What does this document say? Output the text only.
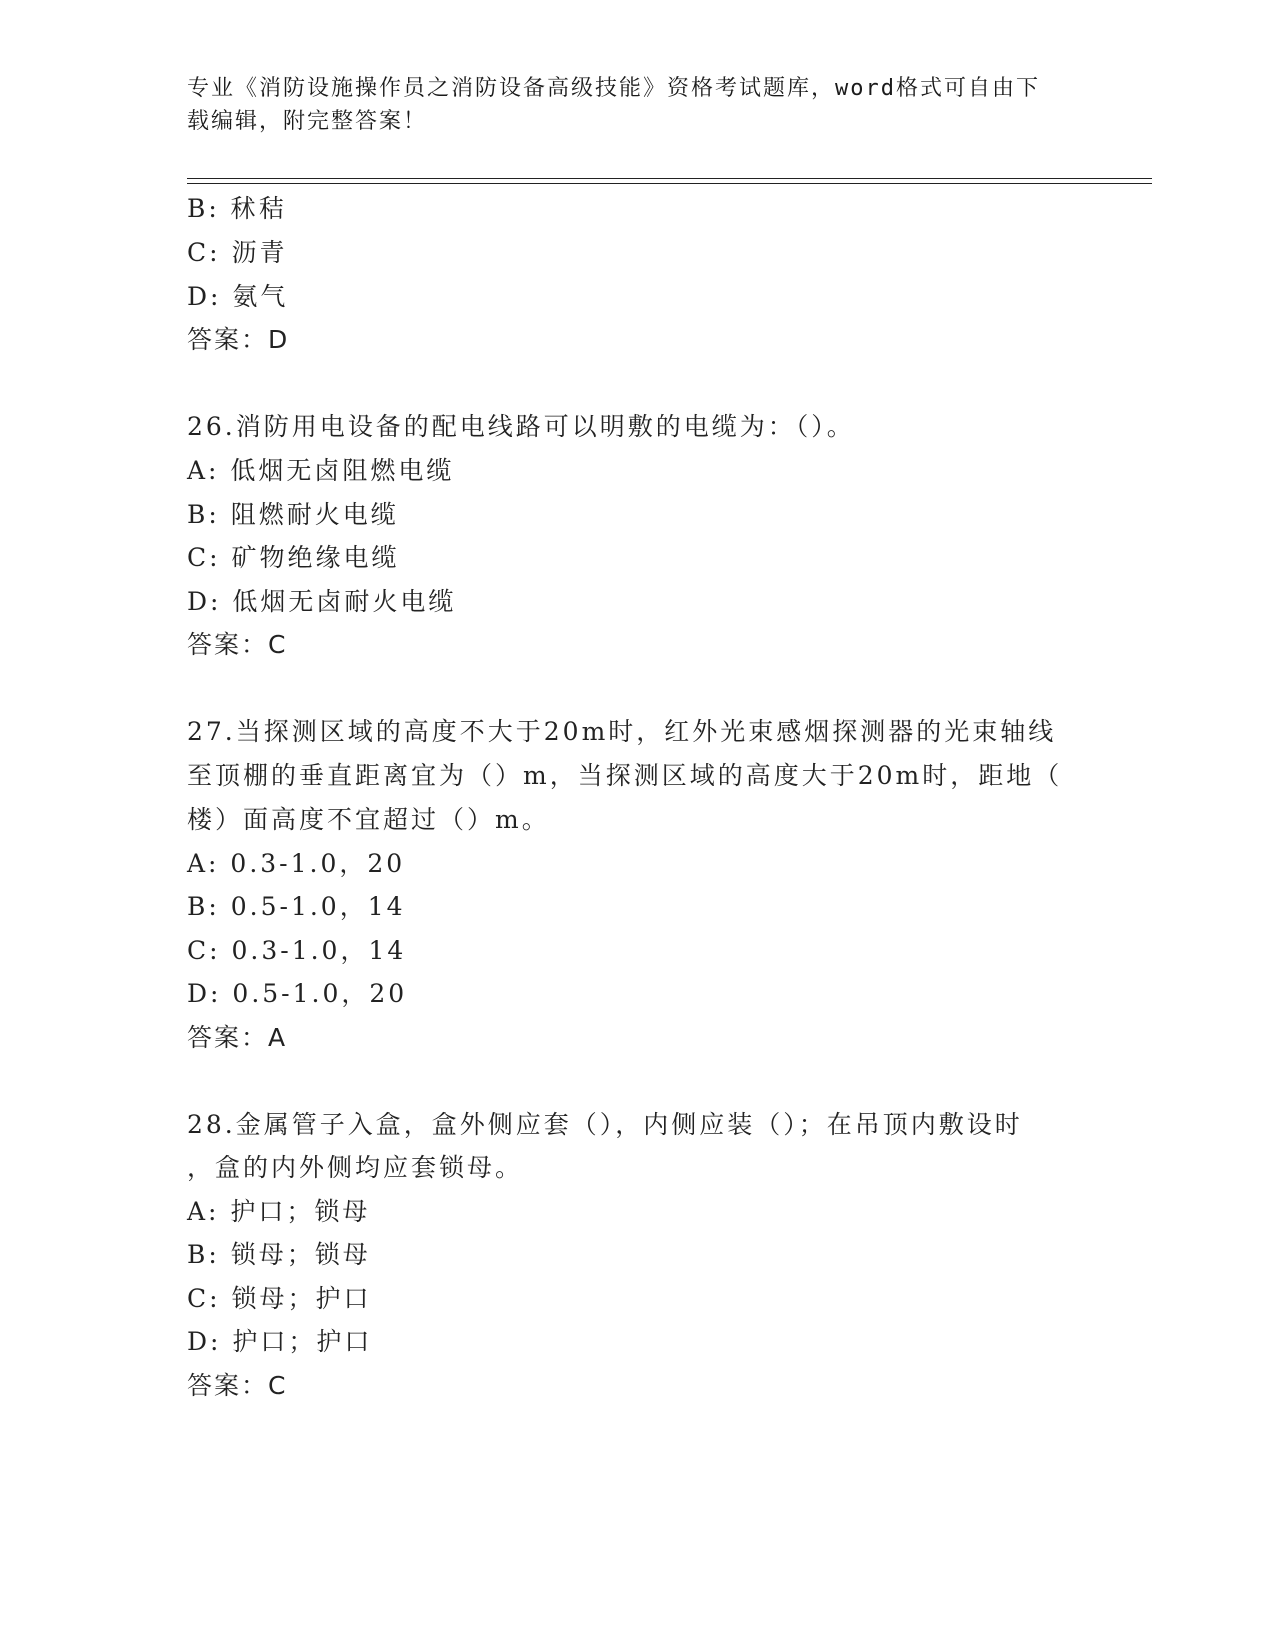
专业《消防设施操作员之消防设备高级技能》资格考试题库，word格式可自由下
载编辑，附完整答案！
B: 秫秸
C: 沥青
D: 氨气
答案：D
26.消防用电设备的配电线路可以明敷的电缆为：（）。
A: 低烟无卤阻燃电缆
B: 阻燃耐火电缆
C: 矿物绝缘电缆
D: 低烟无卤耐火电缆
答案：C
27.当探测区域的高度不大于20m时，红外光束感烟探测器的光束轴线
至顶棚的垂直距离宜为（）m，当探测区域的高度大于20m时，距地（
楼）面高度不宜超过（）m。
A: 0.3-1.0，20
B: 0.5-1.0，14
C: 0.3-1.0，14
D: 0.5-1.0，20
答案：A
28.金属管子入盒，盒外侧应套（），内侧应装（）；在吊顶内敷设时
，盒的内外侧均应套锁母。
A: 护口；锁母
B: 锁母；锁母
C: 锁母；护口
D: 护口；护口
答案：C
